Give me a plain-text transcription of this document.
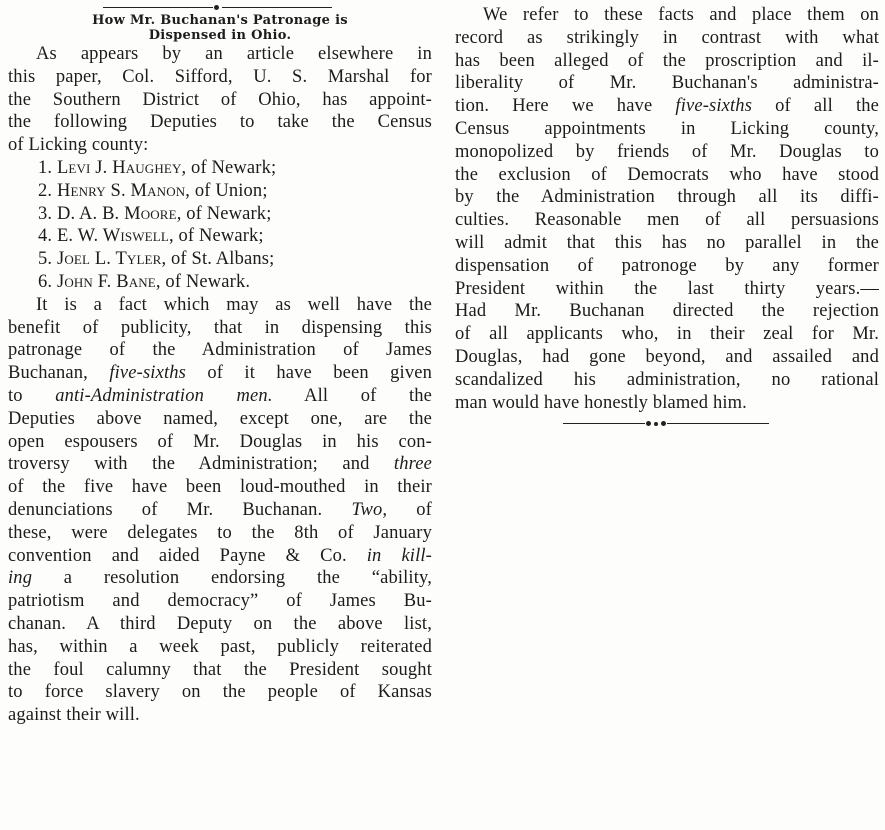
How Mr. Buchanan's Patronage is
Dispensed in Ohio.
As appears by an article elsewhere in
this paper, Col. Sifford, U. S. Marshal for
the Southern District of Ohio, has appoint-
the following Deputies to take the Census
of Licking county:
1. Levi J. Haughey, of Newark;
2. Henry S. Manon, of Union;
3. D. A. B. Moore, of Newark;
4. E. W. Wiswell, of Newark;
5. Joel L. Tyler, of St. Albans;
6. John F. Bane, of Newark.
It is a fact which may as well have the
benefit of publicity, that in dispensing this
patronage of the Administration of James
Buchanan, five-sixths of it have been given
to anti-Administration men. All of the
Deputies above named, except one, are the
open espousers of Mr. Douglas in his con-
troversy with the Administration; and three
of the five have been loud-mouthed in their
denunciations of Mr. Buchanan. Two, of
these, were delegates to the 8th of January
convention and aided Payne & Co. in kill-
ing a resolution endorsing the “ability,
patriotism and democracy” of James Bu-
chanan. A third Deputy on the above list,
has, within a week past, publicly reiterated
the foul calumny that the President sought
to force slavery on the people of Kansas
against their will.
We refer to these facts and place them on
record as strikingly in contrast with what
has been alleged of the proscription and il-
liberality of Mr. Buchanan's administra-
tion. Here we have five-sixths of all the
Census appointments in Licking county,
monopolized by friends of Mr. Douglas to
the exclusion of Democrats who have stood
by the Administration through all its diffi-
culties. Reasonable men of all persuasions
will admit that this has no parallel in the
dispensation of patronoge by any former
President within the last thirty years.—
Had Mr. Buchanan directed the rejection
of all applicants who, in their zeal for Mr.
Douglas, had gone beyond, and assailed and
scandalized his administration, no rational
man would have honestly blamed him.
